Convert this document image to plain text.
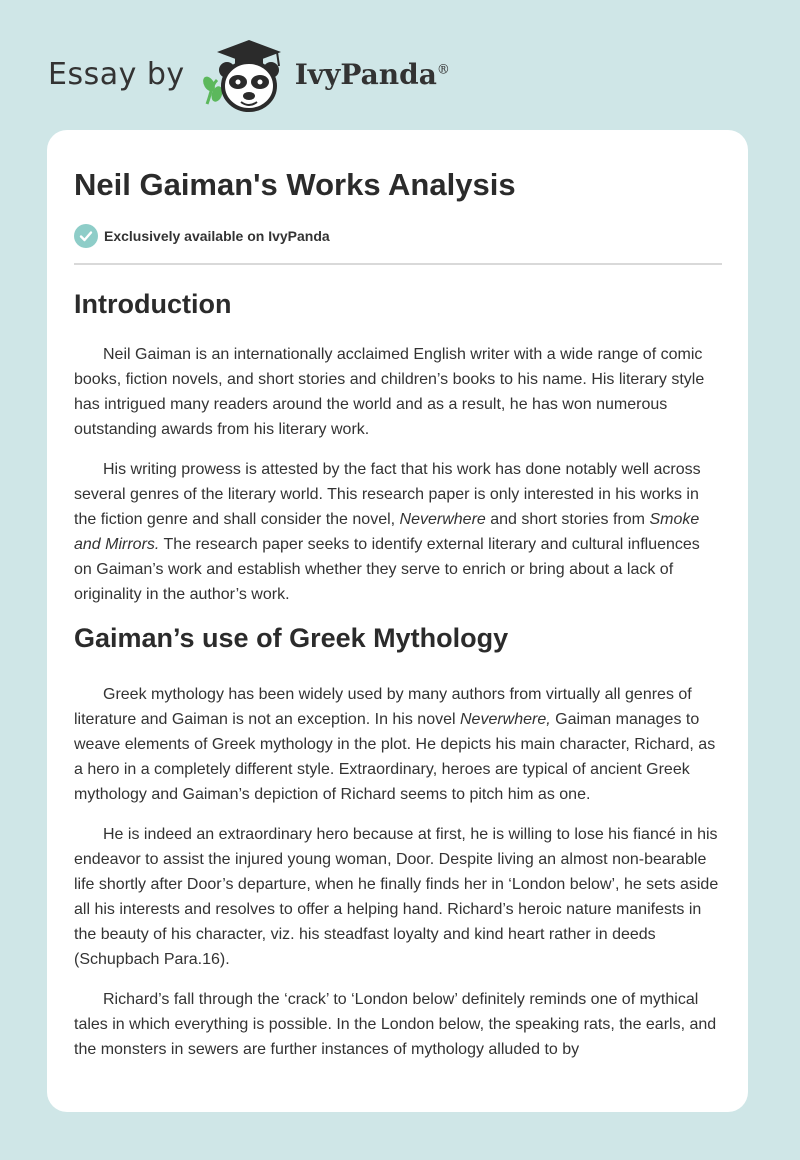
Essay by	IvyPanda®
Neil Gaiman's Works Analysis
Exclusively available on IvyPanda
Introduction

Neil Gaiman is an internationally acclaimed English writer with a wide range of comic books, fiction novels, and short stories and children’s books to his name. His literary style has intrigued many readers around the world and as a result, he has won numerous outstanding awards from his literary work.

His writing prowess is attested by the fact that his work has done notably well across several genres of the literary world. This research paper is only interested in his works in the fiction genre and shall consider the novel, Neverwhere and short stories from Smoke and Mirrors. The research paper seeks to identify external literary and cultural influences on Gaiman’s work and establish whether they serve to enrich or bring about a lack of originality in the author’s work.

Gaiman’s use of Greek Mythology

Greek mythology has been widely used by many authors from virtually all genres of literature and Gaiman is not an exception. In his novel Neverwhere, Gaiman manages to weave elements of Greek mythology in the plot. He depicts his main character, Richard, as a hero in a completely different style. Extraordinary, heroes are typical of ancient Greek mythology and Gaiman’s depiction of Richard seems to pitch him as one.

He is indeed an extraordinary hero because at first, he is willing to lose his fiancé in his endeavor to assist the injured young woman, Door. Despite living an almost non-bearable life shortly after Door’s departure, when he finally finds her in ‘London below’, he sets aside all his interests and resolves to offer a helping hand. Richard’s heroic nature manifests in the beauty of his character, viz. his steadfast loyalty and kind heart rather in deeds (Schupbach Para.16).

Richard’s fall through the ‘crack’ to ‘London below’ definitely reminds one of mythical tales in which everything is possible. In the London below, the speaking rats, the earls, and the monsters in sewers are further instances of mythology alluded to by
